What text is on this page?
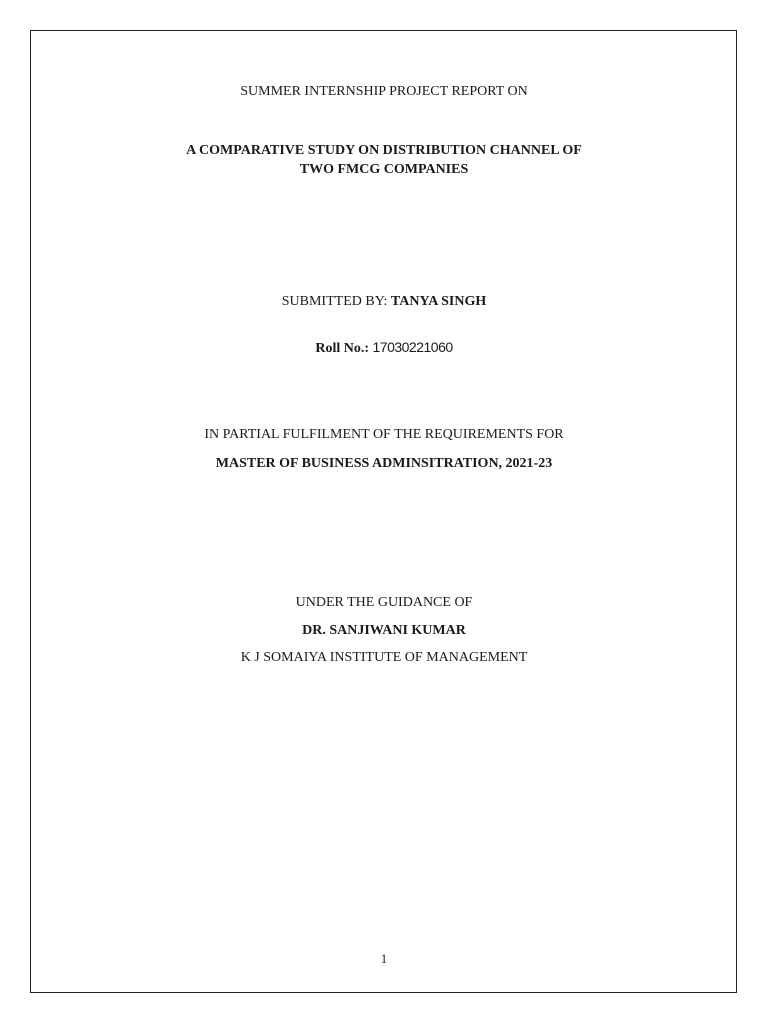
SUMMER INTERNSHIP PROJECT REPORT ON
A COMPARATIVE STUDY ON DISTRIBUTION CHANNEL OF
TWO FMCG COMPANIES
SUBMITTED BY: TANYA SINGH
Roll No.: 17030221060
IN PARTIAL FULFILMENT OF THE REQUIREMENTS FOR
MASTER OF BUSINESS ADMINSITRATION, 2021-23
UNDER THE GUIDANCE OF
DR. SANJIWANI KUMAR
K J SOMAIYA INSTITUTE OF MANAGEMENT
1
